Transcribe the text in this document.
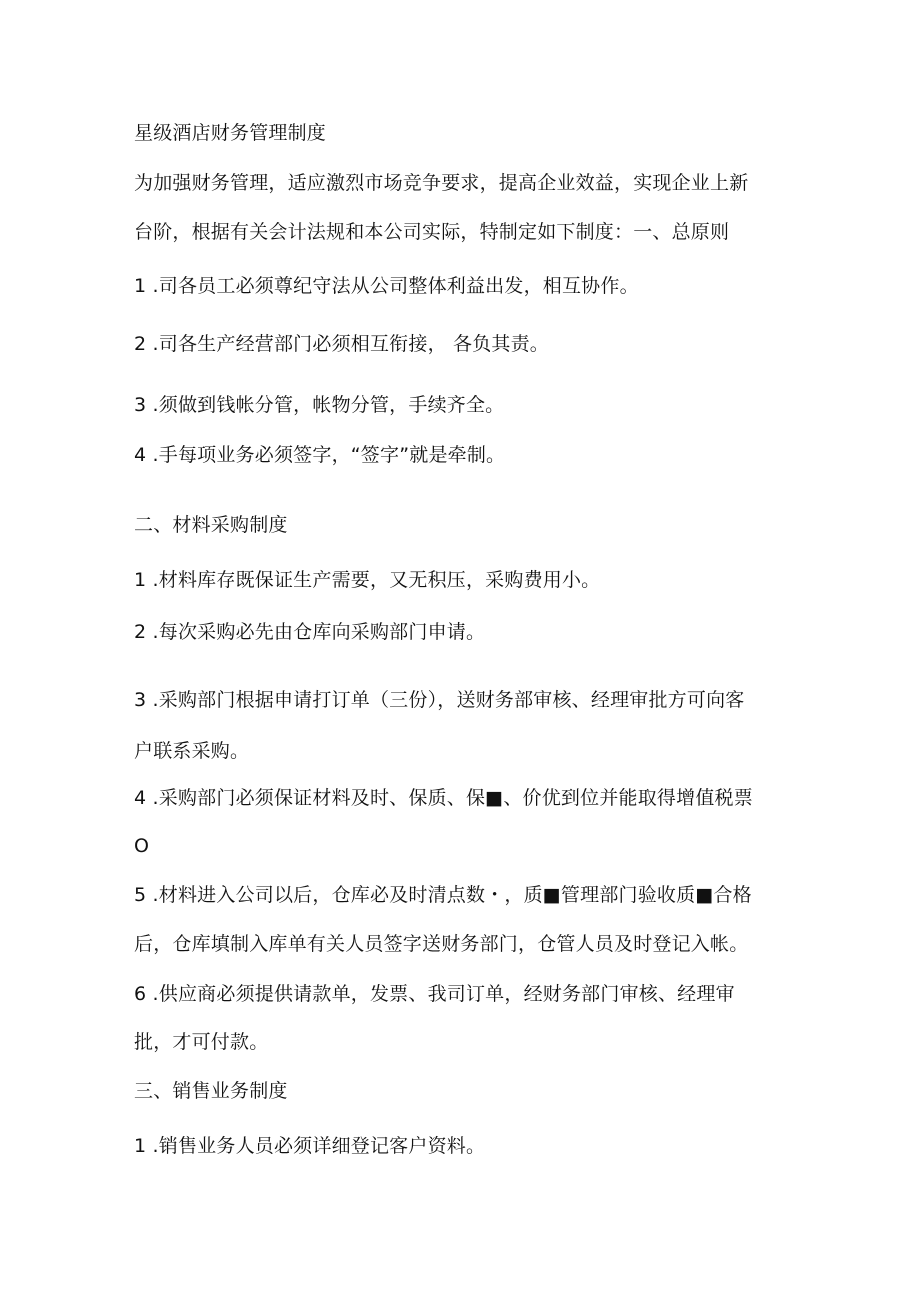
星级酒店财务管理制度
为加强财务管理，适应激烈市场竞争要求，提高企业效益，实现企业上新
台阶，根据有关会计法规和本公司实际，特制定如下制度：一、总原则
1 .司各员工必须尊纪守法从公司整体利益出发，相互协作。
2 .司各生产经营部门必须相互衔接， 各负其责。
3 .须做到钱帐分管，帐物分管，手续齐全。
4 .手每项业务必须签字，“签字”就是牵制。
二、材料采购制度
1 .材料库存既保证生产需要，又无积压，采购费用小。
2 .每次采购必先由仓库向采购部门申请。
3 .采购部门根据申请打订单（三份），送财务部审核、经理审批方可向客
户联系采购。
4 .采购部门必须保证材料及时、保质、保■、价优到位并能取得增值税票
O
5 .材料进入公司以后，仓库必及时清点数・，质■管理部门验收质■合格
后，仓库填制入库单有关人员签字送财务部门，仓管人员及时登记入帐。
6 .供应商必须提供请款单，发票、我司订单，经财务部门审核、经理审
批，才可付款。
三、销售业务制度
1 .销售业务人员必须详细登记客户资料。
